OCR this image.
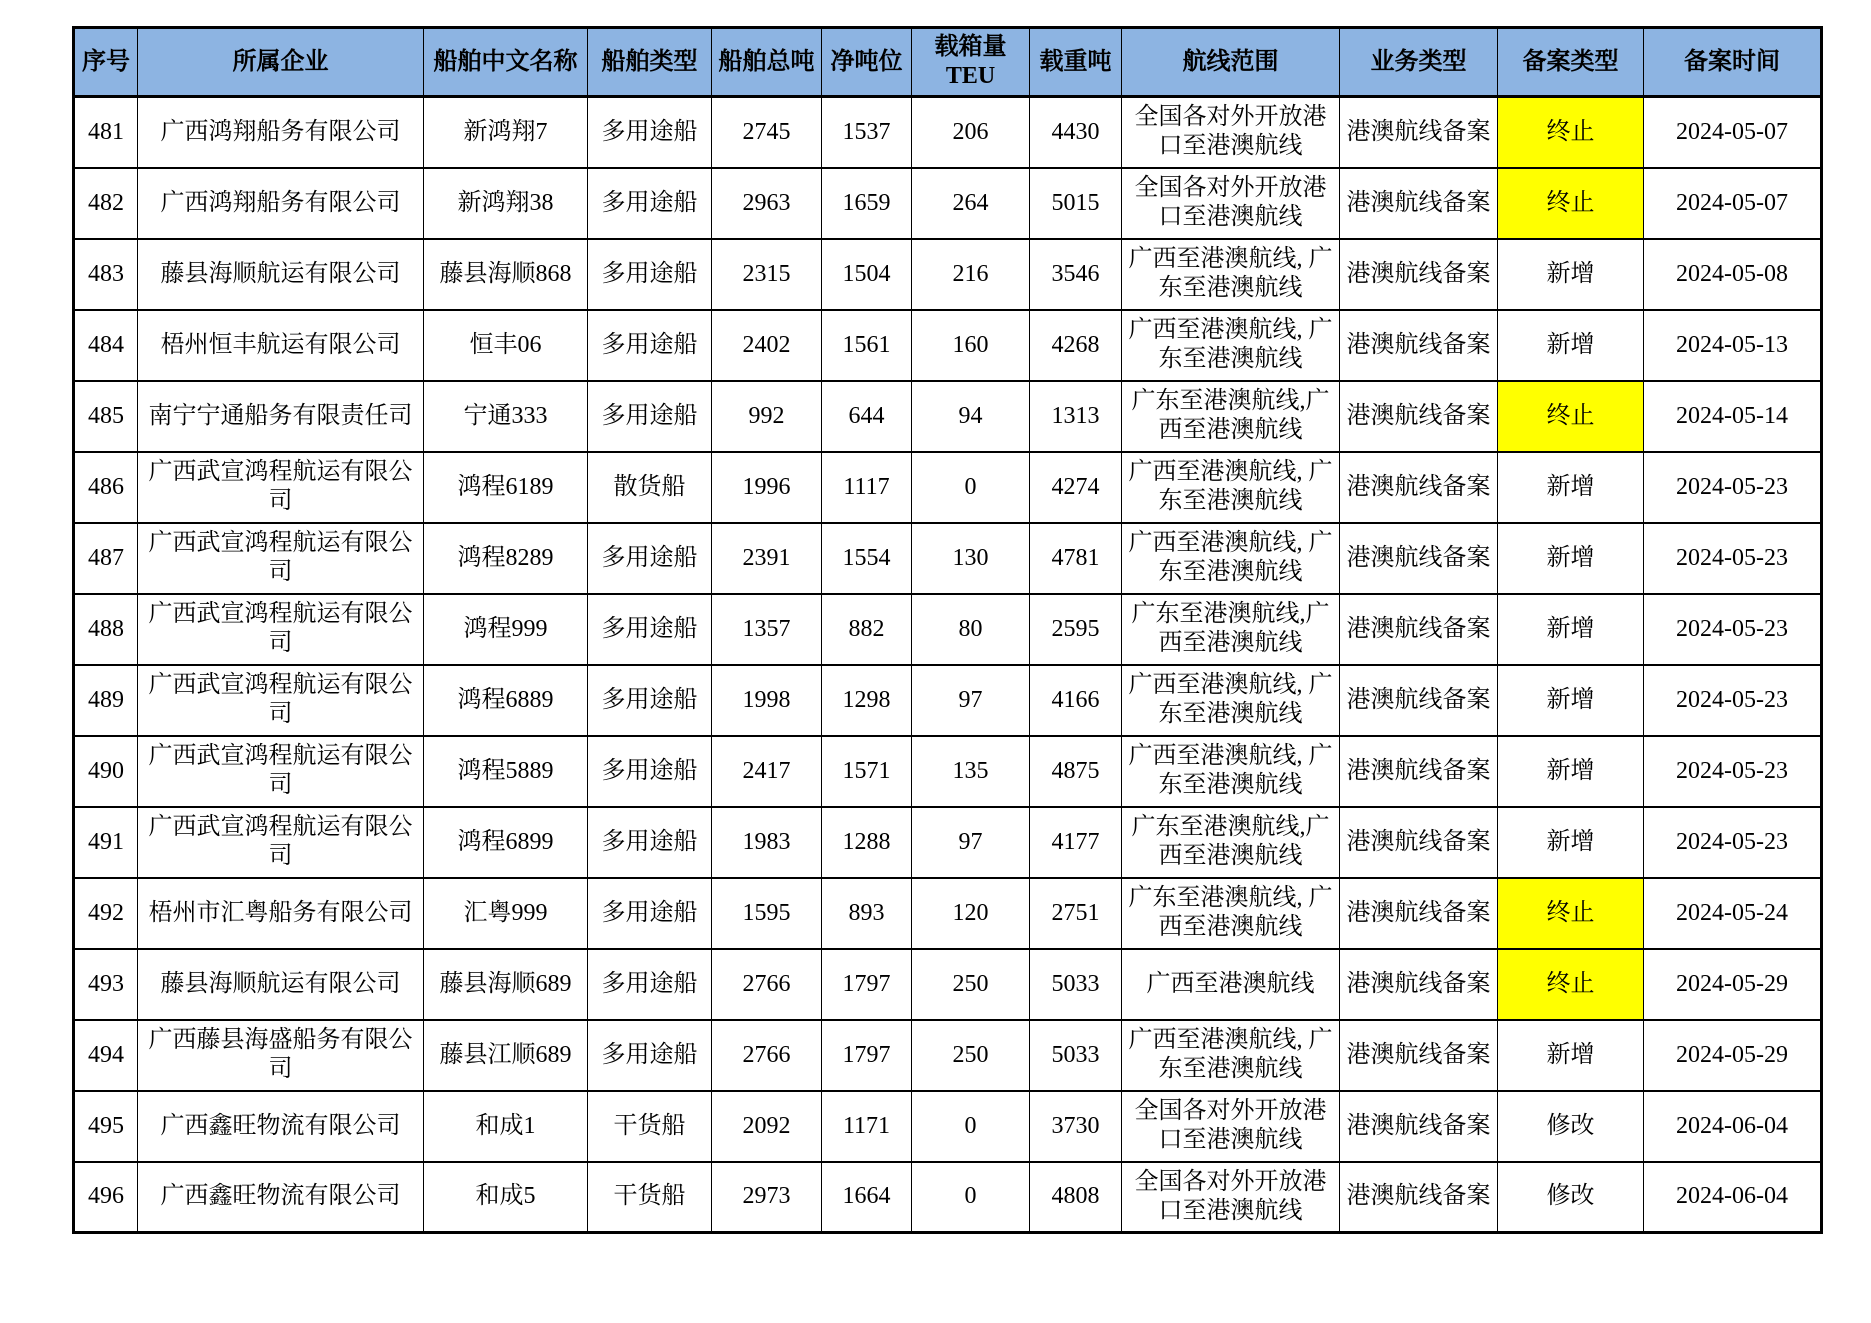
序号	所属企业	船舶中文名称	船舶类型	船舶总吨	净吨位	载箱量TEU	载重吨	航线范围	业务类型	备案类型	备案时间
481	广西鸿翔船务有限公司	新鸿翔7	多用途船	2745	1537	206	4430	全国各对外开放港口至港澳航线	港澳航线备案	终止	2024-05-07
482	广西鸿翔船务有限公司	新鸿翔38	多用途船	2963	1659	264	5015	全国各对外开放港口至港澳航线	港澳航线备案	终止	2024-05-07
483	藤县海顺航运有限公司	藤县海顺868	多用途船	2315	1504	216	3546	广西至港澳航线, 广东至港澳航线	港澳航线备案	新增	2024-05-08
484	梧州恒丰航运有限公司	恒丰06	多用途船	2402	1561	160	4268	广西至港澳航线, 广东至港澳航线	港澳航线备案	新增	2024-05-13
485	南宁宁通船务有限责任司	宁通333	多用途船	992	644	94	1313	广东至港澳航线,广西至港澳航线	港澳航线备案	终止	2024-05-14
486	广西武宣鸿程航运有限公司	鸿程6189	散货船	1996	1117	0	4274	广西至港澳航线, 广东至港澳航线	港澳航线备案	新增	2024-05-23
487	广西武宣鸿程航运有限公司	鸿程8289	多用途船	2391	1554	130	4781	广西至港澳航线, 广东至港澳航线	港澳航线备案	新增	2024-05-23
488	广西武宣鸿程航运有限公司	鸿程999	多用途船	1357	882	80	2595	广东至港澳航线,广西至港澳航线	港澳航线备案	新增	2024-05-23
489	广西武宣鸿程航运有限公司	鸿程6889	多用途船	1998	1298	97	4166	广西至港澳航线, 广东至港澳航线	港澳航线备案	新增	2024-05-23
490	广西武宣鸿程航运有限公司	鸿程5889	多用途船	2417	1571	135	4875	广西至港澳航线, 广东至港澳航线	港澳航线备案	新增	2024-05-23
491	广西武宣鸿程航运有限公司	鸿程6899	多用途船	1983	1288	97	4177	广东至港澳航线,广西至港澳航线	港澳航线备案	新增	2024-05-23
492	梧州市汇粤船务有限公司	汇粤999	多用途船	1595	893	120	2751	广东至港澳航线, 广西至港澳航线	港澳航线备案	终止	2024-05-24
493	藤县海顺航运有限公司	藤县海顺689	多用途船	2766	1797	250	5033	广西至港澳航线	港澳航线备案	终止	2024-05-29
494	广西藤县海盛船务有限公司	藤县江顺689	多用途船	2766	1797	250	5033	广西至港澳航线, 广东至港澳航线	港澳航线备案	新增	2024-05-29
495	广西鑫旺物流有限公司	和成1	干货船	2092	1171	0	3730	全国各对外开放港口至港澳航线	港澳航线备案	修改	2024-06-04
496	广西鑫旺物流有限公司	和成5	干货船	2973	1664	0	4808	全国各对外开放港口至港澳航线	港澳航线备案	修改	2024-06-04
